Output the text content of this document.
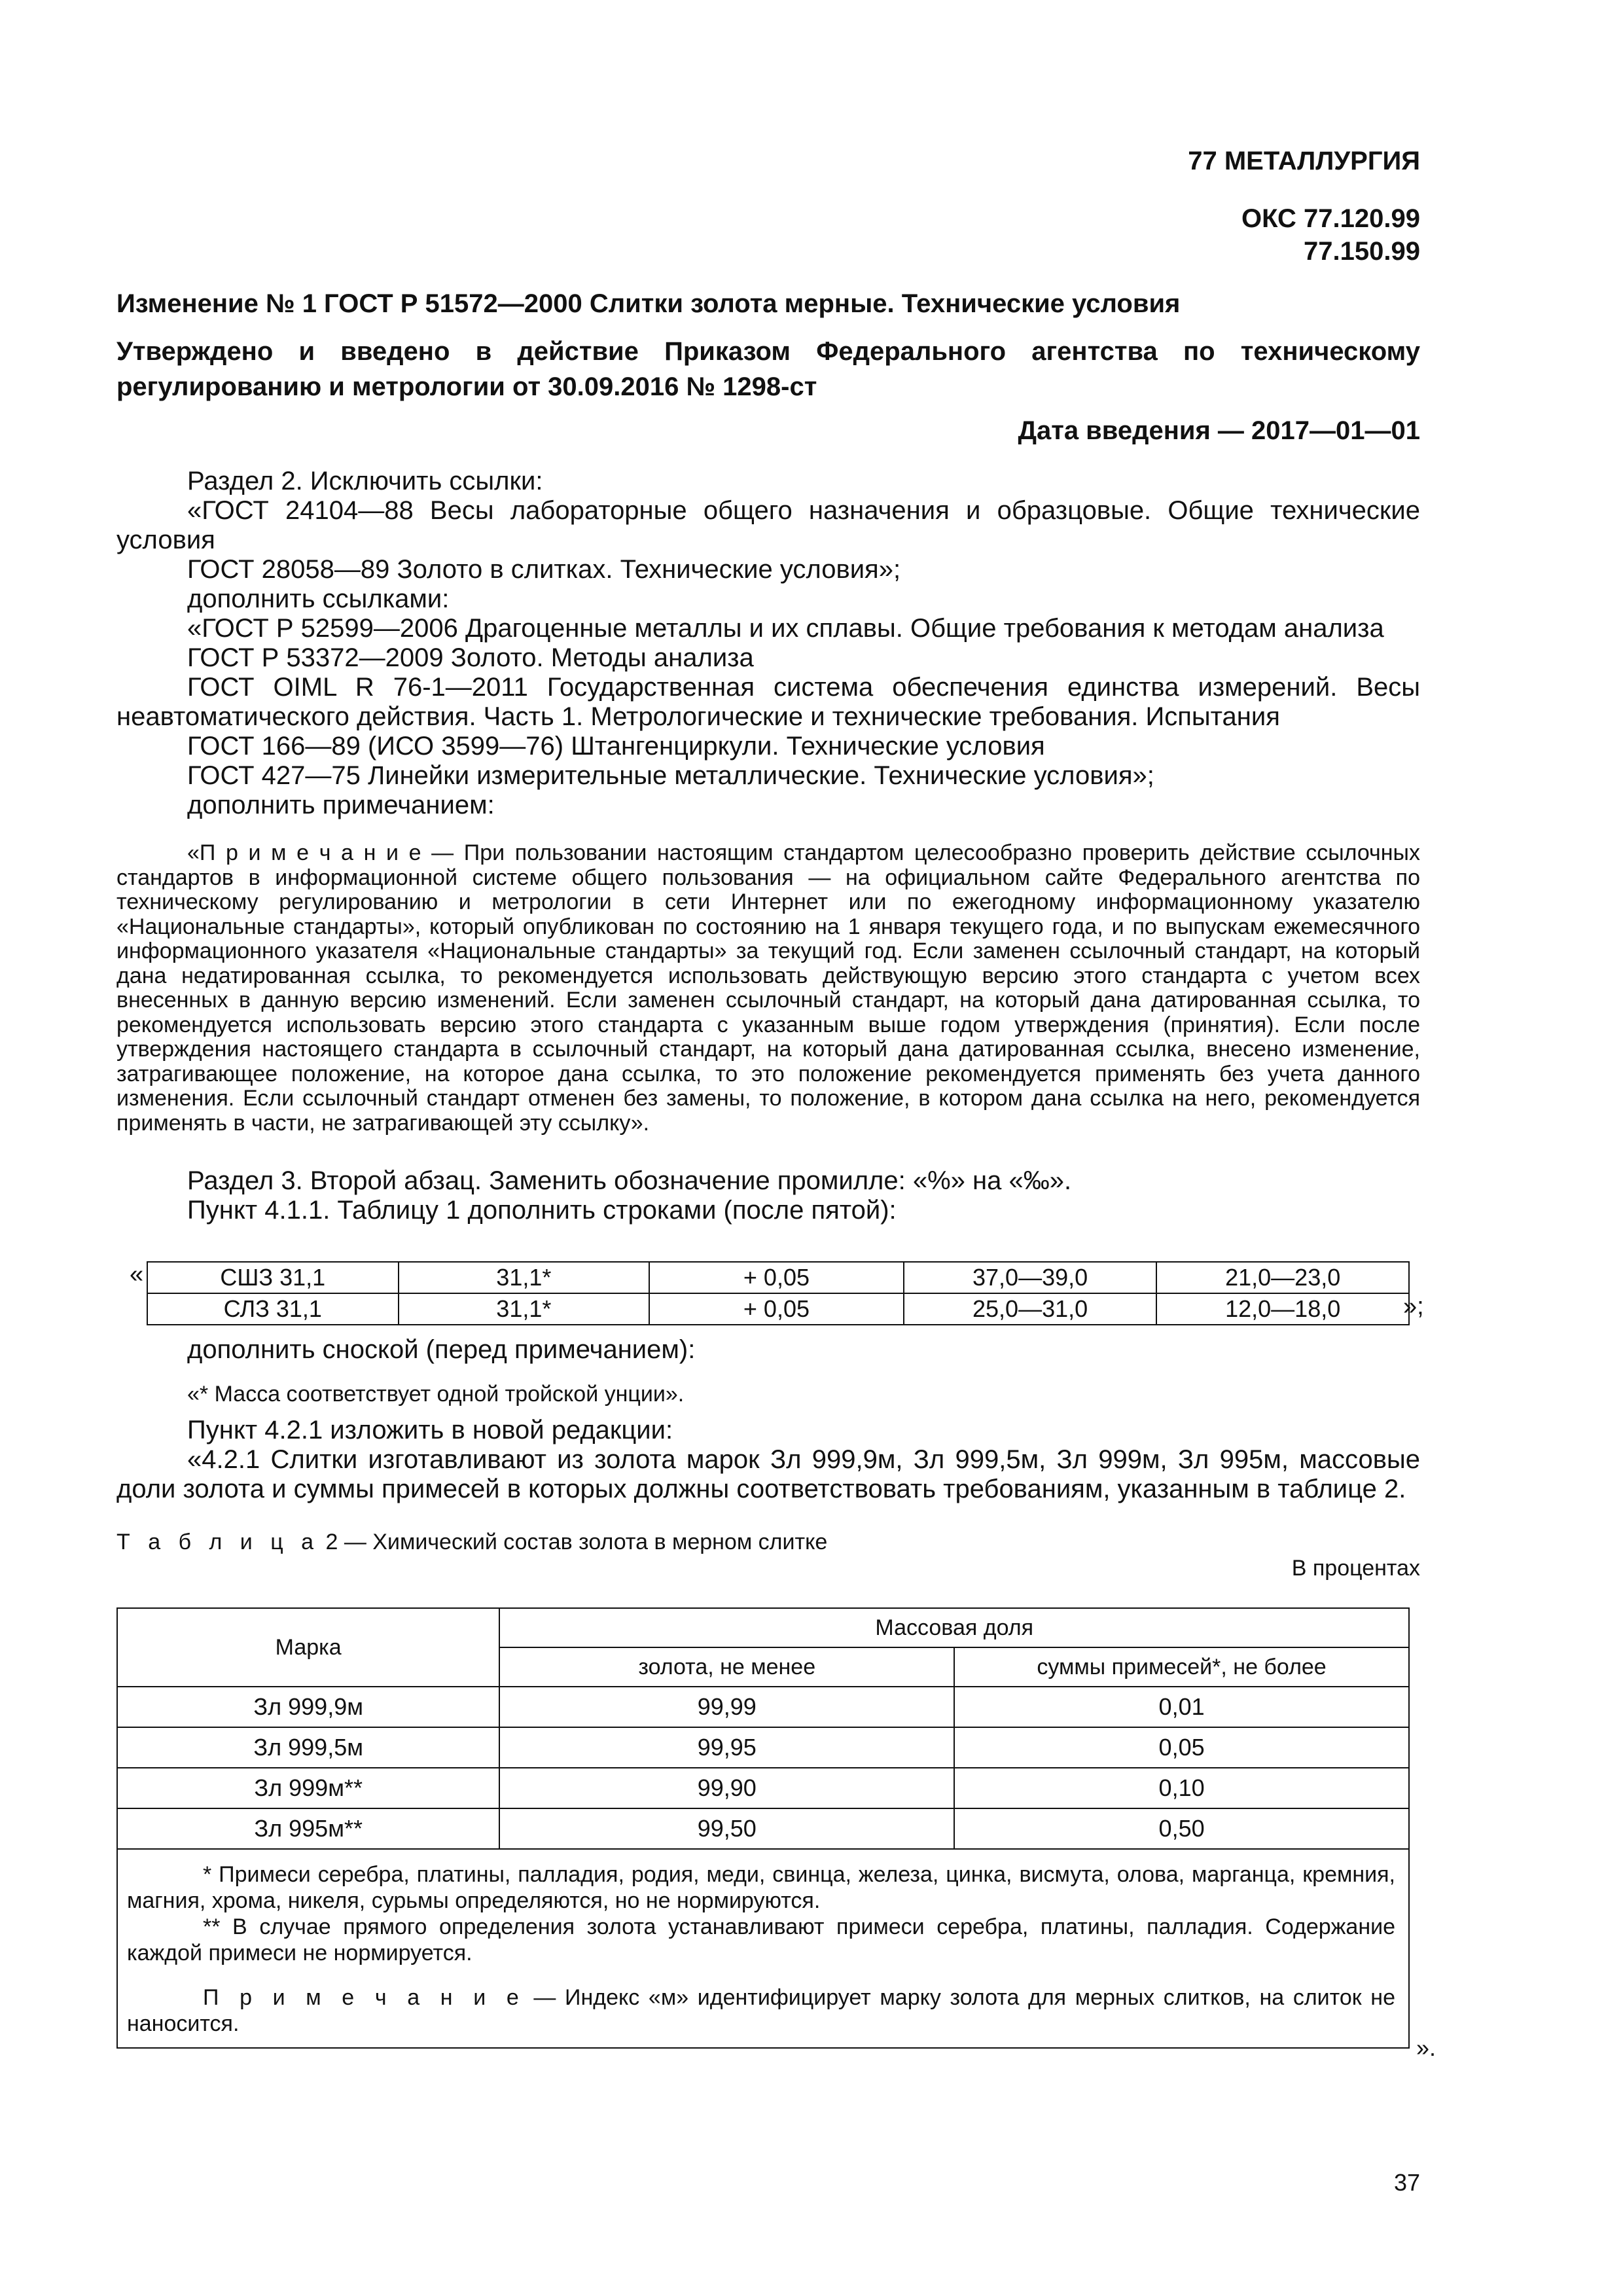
77 МЕТАЛЛУРГИЯ
ОКС 77.120.99
77.150.99
Изменение № 1 ГОСТ Р 51572—2000 Слитки золота мерные. Технические условия
Утверждено и введено в действие Приказом Федерального агентства по техническому регулированию и метрологии от 30.09.2016 № 1298-ст
Дата введения — 2017—01—01
Раздел 2. Исключить ссылки:
«ГОСТ 24104—88 Весы лабораторные общего назначения и образцовые. Общие технические условия
ГОСТ 28058—89 Золото в слитках. Технические условия»;
дополнить ссылками:
«ГОСТ Р 52599—2006 Драгоценные металлы и их сплавы. Общие требования к методам анализа
ГОСТ Р 53372—2009 Золото. Методы анализа
ГОСТ OIML R 76-1—2011 Государственная система обеспечения единства измерений. Весы неавтоматического действия. Часть 1. Метрологические и технические требования. Испытания
ГОСТ 166—89 (ИСО 3599—76) Штангенциркули. Технические условия
ГОСТ 427—75 Линейки измерительные металлические. Технические условия»;
дополнить примечанием:
«П р и м е ч а н и е — При пользовании настоящим стандартом целесообразно проверить действие ссылочных стандартов в информационной системе общего пользования — на официальном сайте Федерального агентства по техническому регулированию и метрологии в сети Интернет или по ежегодному информационному указателю «Национальные стандарты», который опубликован по состоянию на 1 января текущего года, и по выпускам ежемесячного информационного указателя «Национальные стандарты» за текущий год. Если заменен ссылочный стандарт, на который дана недатированная ссылка, то рекомендуется использовать действующую версию этого стандарта с учетом всех внесенных в данную версию изменений. Если заменен ссылочный стандарт, на который дана датированная ссылка, то рекомендуется использовать версию этого стандарта с указанным выше годом утверждения (принятия). Если после утверждения настоящего стандарта в ссылочный стандарт, на который дана датированная ссылка, внесено изменение, затрагивающее положение, на которое дана ссылка, то это положение рекомендуется применять без учета данного изменения. Если ссылочный стандарт отменен без замены, то положение, в котором дана ссылка на него, рекомендуется применять в части, не затрагивающей эту ссылку».
Раздел 3. Второй абзац. Заменить обозначение промилле: «%» на «‰».
Пункт 4.1.1. Таблицу 1 дополнить строками (после пятой):
«	СШЗ 31,1	31,1*	+ 0,05	37,0—39,0	21,0—23,0
СЛЗ 31,1	31,1*	+ 0,05	25,0—31,0	12,0—18,0	»;
дополнить сноской (перед примечанием):
«* Масса соответствует одной тройской унции».
Пункт 4.2.1 изложить в новой редакции:
«4.2.1 Слитки изготавливают из золота марок Зл 999,9м, Зл 999,5м, Зл 999м, Зл 995м, массовые доли золота и суммы примесей в которых должны соответствовать требованиям, указанным в таблице 2.
Т а б л и ц а 2 — Химический состав золота в мерном слитке
В процентах
Марка	Массовая доля	
	золота, не менее	суммы примесей*, не более
Зл 999,9м	99,99	0,01
Зл 999,5м	99,95	0,05
Зл 999м**	99,90	0,10
Зл 995м**	99,50	0,50

* Примеси серебра, платины, палладия, родия, меди, свинца, железа, цинка, висмута, олова, марганца, кремния, магния, хрома, никеля, сурьмы определяются, но не нормируются.

** В случае прямого определения золота устанавливают примеси серебра, платины, палладия. Содержание каждой примеси не нормируется.

П р и м е ч а н и е — Индекс «м» идентифицирует марку золота для мерных слитков, на слиток не наносится.		

».
37
